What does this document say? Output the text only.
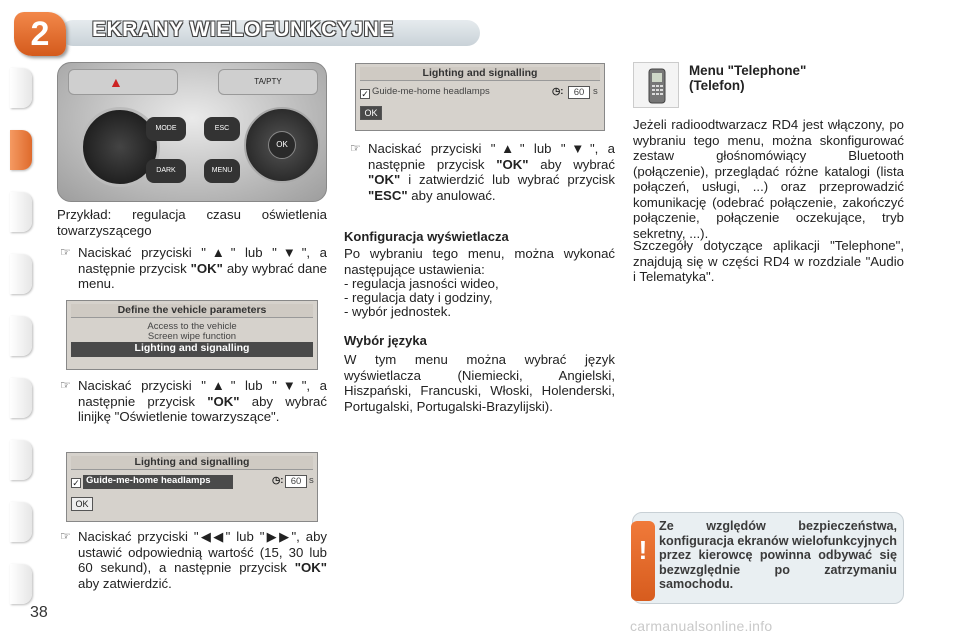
2	EKRANY WIELOFUNKCYJNE
▲	TA/PTY
MODE
DARK
ESC
MENU
OK
Przykład: regulacja czasu oświetlenia towarzyszącego
☞ Naciskać przyciski "▲" lub "▼", a następnie przycisk "OK" aby wybrać dane menu.
Define the vehicle parameters
Access to the vehicle
Screen wipe function
Lighting and signalling
☞ Naciskać przyciski "▲" lub "▼", a następnie przycisk "OK" aby wybrać linijkę "Oświetlenie towarzyszące".
Lighting and signalling
✓ Guide-me-home headlamps	◷: 60 s
OK
☞ Naciskać przyciski "◀◀" lub "▶▶", aby ustawić odpowiednią wartość (15, 30 lub 60 sekund), a następnie przycisk "OK" aby zatwierdzić.
Lighting and signalling
✓ Guide-me-home headlamps	◷:	60 s
OK
☞ Naciskać przyciski "▲" lub "▼", a następnie przycisk "OK" aby wybrać "OK" i zatwierdzić lub wybrać przycisk "ESC" aby anulować.
Konfiguracja wyświetlacza
Po wybraniu tego menu, można wykonać następujące ustawienia:
- regulacja jasności wideo,
- regulacja daty i godziny,
- wybór jednostek.
Wybór języka
W tym menu można wybrać język wyświetlacza (Niemiecki, Angielski, Hiszpański, Francuski, Włoski, Holenderski, Portugalski, Portugalski-Brazylijski).
Menu "Telephone" (Telefon)
Jeżeli radioodtwarzacz RD4 jest włączony, po wybraniu tego menu, można skonfigurować zestaw głośnomówiący Bluetooth (połączenie), przeglądać różne katalogi (lista połączeń, usługi, ...) oraz przeprowadzić komunikację (odebrać połączenie, zakończyć połączenie, połączenie oczekujące, tryb sekretny, ...).
Szczegóły dotyczące aplikacji "Telephone", znajdują się w części RD4 w rozdziale "Audio i Telematyka".
!
Ze względów bezpieczeństwa, konfiguracja ekranów wielofunkcyjnych przez kierowcę powinna odbywać się bezwzględnie po zatrzymaniu samochodu.
38
carmanualsonline.info
